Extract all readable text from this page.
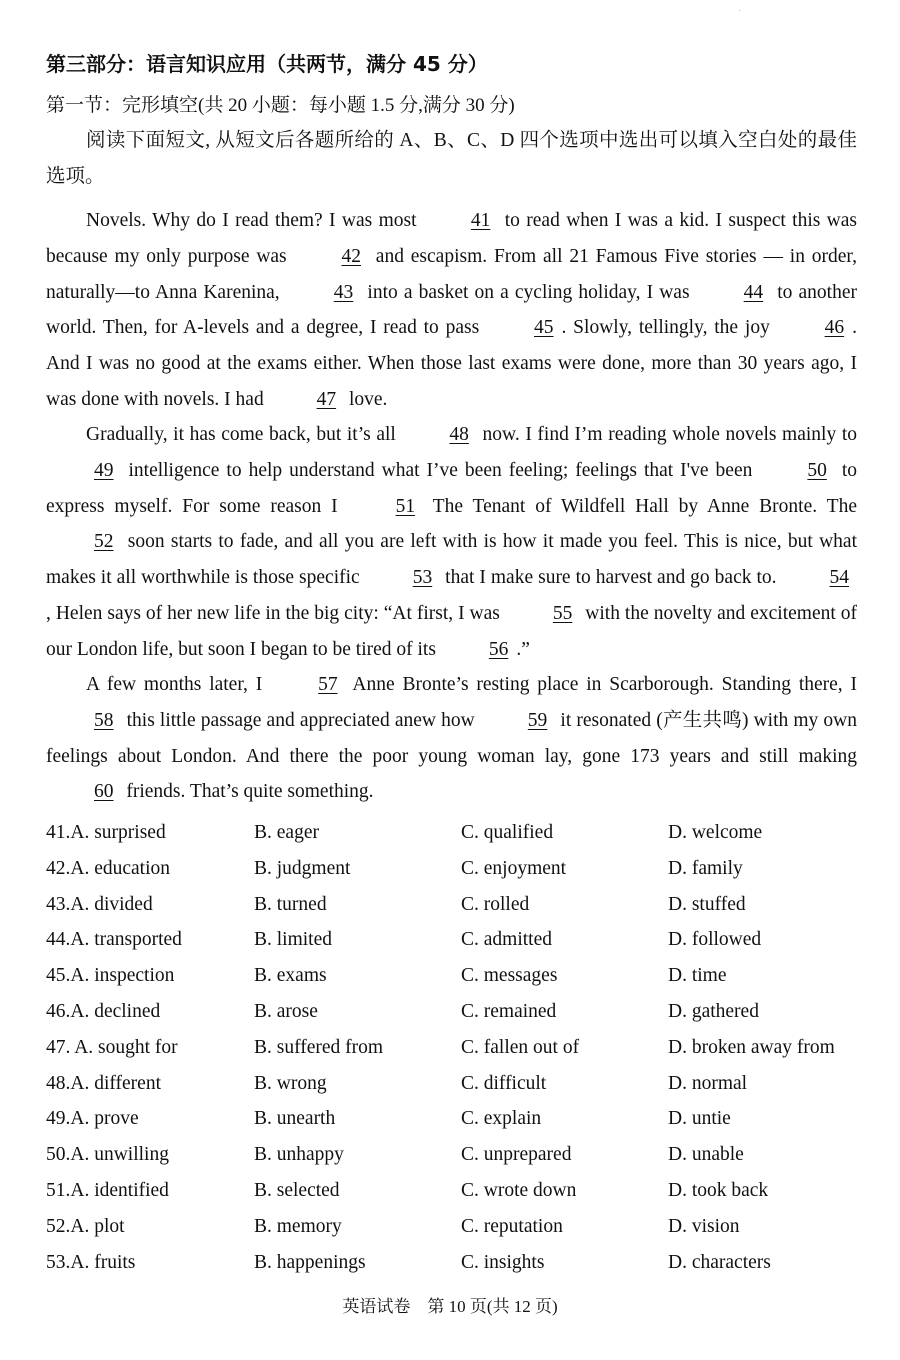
·
第三部分：语言知识应用（共两节，满分 45 分）
第一节：完形填空(共 20 小题：每小题 1.5 分,满分 30 分)

阅读下面短文, 从短文后各题所给的 A、B、C、D 四个选项中选出可以填入空白处的最佳选项。

Novels. Why do I read them? I was most 41 to read when I was a kid. I suspect this was because my only purpose was 42 and escapism. From all 21 Famous Five stories — in order, naturally—to Anna Karenina, 43 into a basket on a cycling holiday, I was 44 to another world. Then, for A-levels and a degree, I read to pass 45 . Slowly, tellingly, the joy 46 . And I was no good at the exams either. When those last exams were done, more than 30 years ago, I was done with novels. I had 47 love.

Gradually, it has come back, but it’s all 48 now. I find I’m reading whole novels mainly to 49 intelligence to help understand what I’ve been feeling; feelings that I've been 50 to express myself. For some reason I 51 The Tenant of Wildfell Hall by Anne Bronte. The 52 soon starts to fade, and all you are left with is how it made you feel. This is nice, but what makes it all worthwhile is those specific 53 that I make sure to harvest and go back to. 54, Helen says of her new life in the big city: “At first, I was 55 with the novelty and excitement of our London life, but soon I began to be tired of its 56 .”

A few months later, I 57 Anne Bronte’s resting place in Scarborough. Standing there, I 58 this little passage and appreciated anew how 59 it resonated (产生共鸣) with my own feelings about London. And there the poor young woman lay, gone 173 years and still making 60 friends. That’s quite something.

41.A. surprised	B. eager	C. qualified	D. welcome
42.A. education	B. judgment	C. enjoyment	D. family
43.A. divided	B. turned	C. rolled	D. stuffed
44.A. transported	B. limited	C. admitted	D. followed
45.A. inspection	B. exams	C. messages	D. time
46.A. declined	B. arose	C. remained	D. gathered
47. A. sought for	B. suffered from	C. fallen out of	D. broken away from
48.A. different	B. wrong	C. difficult	D. normal
49.A. prove	B. unearth	C. explain	D. untie
50.A. unwilling	B. unhappy	C. unprepared	D. unable
51.A. identified	B. selected	C. wrote down	D. took back
52.A. plot	B. memory	C. reputation	D. vision
53.A. fruits	B. happenings	C. insights	D. characters
英语试卷　第 10 页(共 12 页)
